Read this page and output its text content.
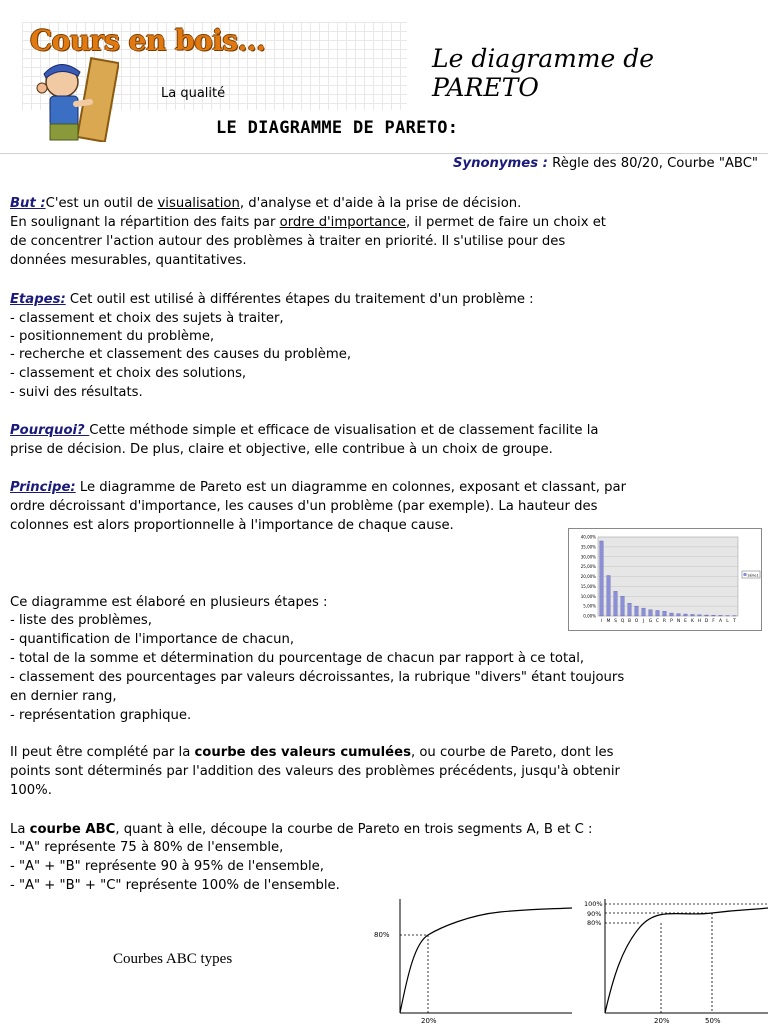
Cours en bois...
Le diagramme de PARETO
La qualité
LE DIAGRAMME DE PARETO:
Synonymes : Règle des 80/20, Courbe "ABC"
But :C'est un outil de visualisation, d'analyse et d'aide à la prise de décision.
En soulignant la répartition des faits par ordre d'importance, il permet de faire un choix et
de concentrer l'action autour des problèmes à traiter en priorité. Il s'utilise pour des
données mesurables, quantitatives.
Etapes: Cet outil est utilisé à différentes étapes du traitement d'un problème :
- classement et choix des sujets à traiter,
- positionnement du problème,
- recherche et classement des causes du problème,
- classement et choix des solutions,
- suivi des résultats.
Pourquoi? Cette méthode simple et efficace de visualisation et de classement facilite la
prise de décision. De plus, claire et objective, elle contribue à un choix de groupe.
Principe: Le diagramme de Pareto est un diagramme en colonnes, exposant et classant, par
ordre décroissant d'importance, les causes d'un problème (par exemple). La hauteur des
colonnes est alors proportionnelle à l'importance de chaque cause.
40,00%
35,00%
30,00%
25,00%
20,00%
15,00%
10,00%
5,00%
0,00%
I M S Q B O J G C R P N E K H D F A L T
Série1
Ce diagramme est élaboré en plusieurs étapes :
- liste des problèmes,
- quantification de l'importance de chacun,
- total de la somme et détermination du pourcentage de chacun par rapport à ce total,
- classement des pourcentages par valeurs décroissantes, la rubrique "divers" étant toujours
en dernier rang,
- représentation graphique.
Il peut être complété par la courbe des valeurs cumulées, ou courbe de Pareto, dont les
points sont déterminés par l'addition des valeurs des problèmes précédents, jusqu'à obtenir
100%.
La courbe ABC, quant à elle, découpe la courbe de Pareto en trois segments A, B et C :
- "A" représente 75 à 80% de l'ensemble,
- "A" + "B" représente 90 à 95% de l'ensemble,
- "A" + "B" + "C" représente 100% de l'ensemble.
Courbes ABC types
80%
20%
100%
90%
80%
20%	50%
